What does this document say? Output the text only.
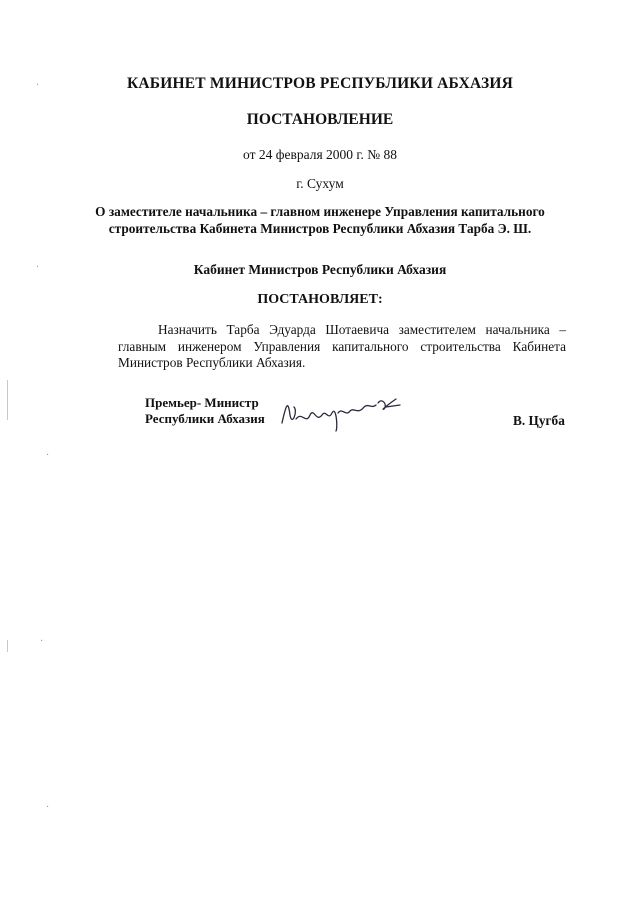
·
·
·
·
·
КАБИНЕТ МИНИСТРОВ РЕСПУБЛИКИ АБХАЗИЯ
ПОСТАНОВЛЕНИЕ
от 24 февраля 2000 г. № 88
г. Сухум
О заместителе начальника – главном инженере Управления капитального
строительства Кабинета Министров Республики Абхазия Тарба Э. Ш.
Кабинет Министров Республики Абхазия
ПОСТАНОВЛЯЕТ:
Назначить Тарба Эдуарда Шотаевича заместителем начальника – главным инженером Управления капитального строительства Кабинета Министров Республики Абхазия.
Премьер- Министр
Республики Абхазия	В. Цугба
